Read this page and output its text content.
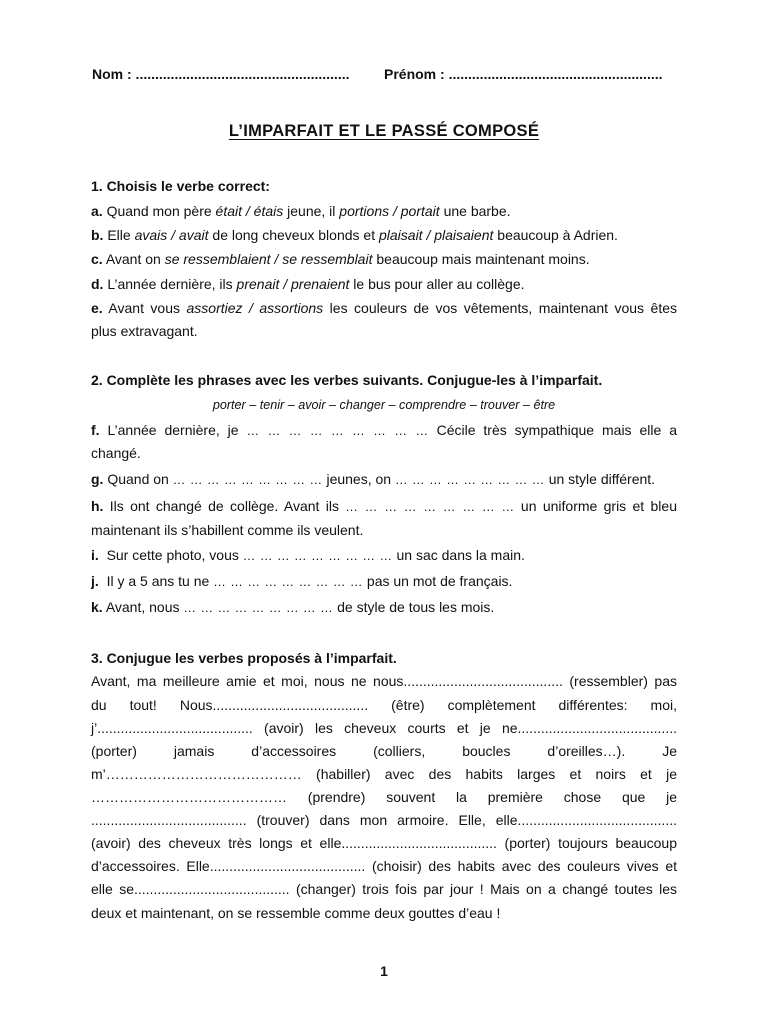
Nom : ....................................................... Prénom : .......................................................
L’IMPARFAIT ET LE PASSÉ COMPOSÉ
1. Choisis le verbe correct:
a. Quand mon père était / étais jeune, il portions / portait une barbe.
b. Elle avais / avait de long cheveux blonds et plaisait / plaisaient beaucoup à Adrien.
c. Avant on se ressemblaient / se ressemblait beaucoup mais maintenant moins.
d. L’année dernière, ils prenait / prenaient le bus pour aller au collège.
e. Avant vous assortiez / assortions les couleurs de vos vêtements, maintenant vous êtes
plus extravagant.
2. Complète les phrases avec les verbes suivants. Conjugue-les à l’imparfait.
porter – tenir – avoir – changer – comprendre – trouver – être
f. L’année dernière, je … … … … … … … … … Cécile très sympathique mais elle a
changé.
g. Quand on … … … … … … … … … jeunes, on … … … … … … … … … un style différent.
h. Ils ont changé de collège. Avant ils … … … … … … … … … un uniforme gris et bleu
maintenant ils s’habillent comme ils veulent.
i. Sur cette photo, vous … … … … … … … … … un sac dans la main.
j. Il y a 5 ans tu ne … … … … … … … … … pas un mot de français.
k. Avant, nous … … … … … … … … … de style de tous les mois.
3. Conjugue les verbes proposés à l’imparfait.
Avant, ma meilleure amie et moi, nous ne nous......................................... (ressembler) pas
du tout! Nous........................................ (être) complètement différentes: moi,
j’........................................ (avoir) les cheveux courts et je ne.........................................
(porter) jamais d’accessoires (colliers, boucles d’oreilles…). Je
m’…………………………………… (habiller) avec des habits larges et noirs et je
…………………………………… (prendre) souvent la première chose que je
........................................ (trouver) dans mon armoire. Elle, elle.........................................
(avoir) des cheveux très longs et elle........................................ (porter) toujours beaucoup
d’accessoires. Elle........................................ (choisir) des habits avec des couleurs vives et
elle se........................................ (changer) trois fois par jour ! Mais on a changé toutes les
deux et maintenant, on se ressemble comme deux gouttes d’eau !
1
